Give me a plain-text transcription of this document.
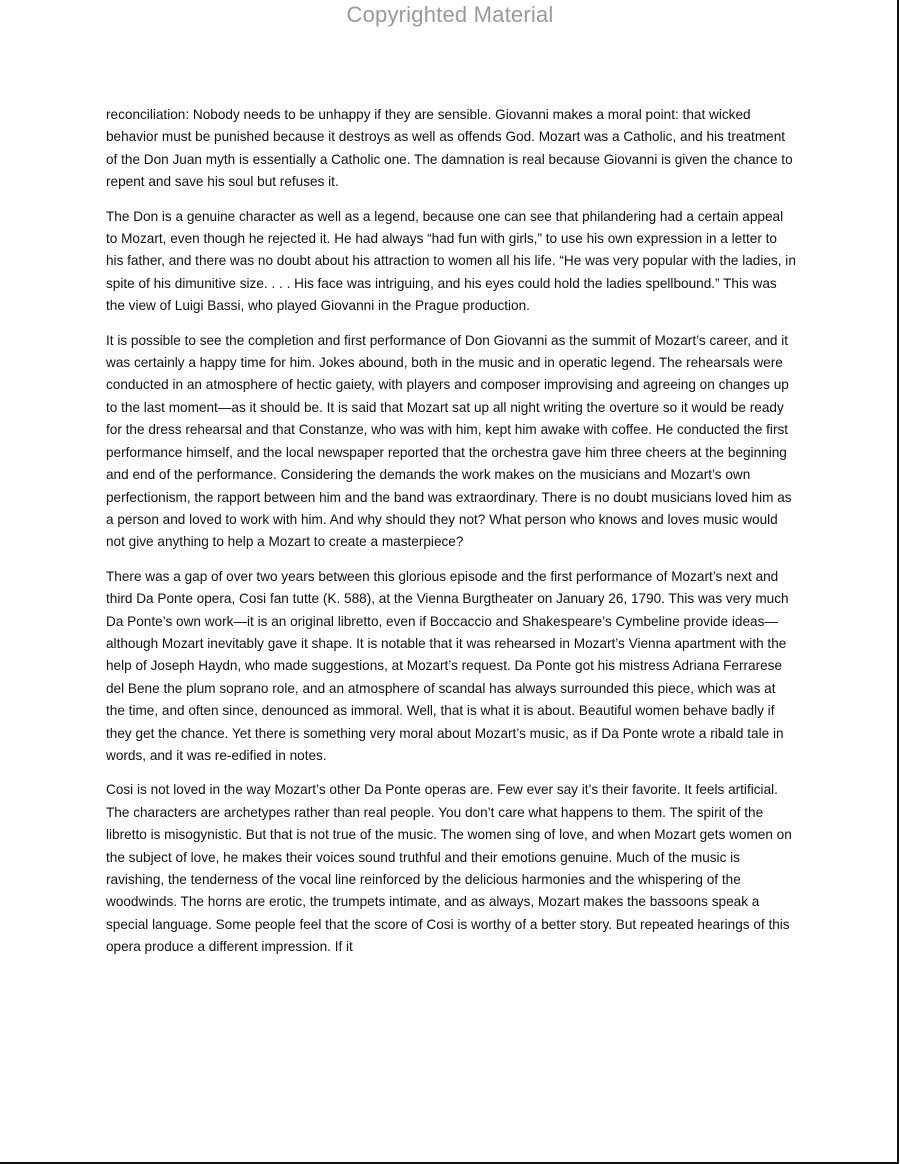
Copyrighted Material

reconciliation: Nobody needs to be unhappy if they are sensible. Giovanni makes a moral point: that wicked behavior must be punished because it destroys as well as offends God. Mozart was a Catholic, and his treatment of the Don Juan myth is essentially a Catholic one. The damnation is real because Giovanni is given the chance to repent and save his soul but refuses it.

The Don is a genuine character as well as a legend, because one can see that philandering had a certain appeal to Mozart, even though he rejected it. He had always “had fun with girls,” to use his own expression in a letter to his father, and there was no doubt about his attraction to women all his life. “He was very popular with the ladies, in spite of his dimunitive size. . . . His face was intriguing, and his eyes could hold the ladies spellbound.” This was the view of Luigi Bassi, who played Giovanni in the Prague production.

It is possible to see the completion and first performance of Don Giovanni as the summit of Mozart’s career, and it was certainly a happy time for him. Jokes abound, both in the music and in operatic legend. The rehearsals were conducted in an atmosphere of hectic gaiety, with players and composer improvising and agreeing on changes up to the last moment—as it should be. It is said that Mozart sat up all night writing the overture so it would be ready for the dress rehearsal and that Constanze, who was with him, kept him awake with coffee. He conducted the first performance himself, and the local newspaper reported that the orchestra gave him three cheers at the beginning and end of the performance. Considering the demands the work makes on the musicians and Mozart’s own perfectionism, the rapport between him and the band was extraordinary. There is no doubt musicians loved him as a person and loved to work with him. And why should they not? What person who knows and loves music would not give anything to help a Mozart to create a masterpiece?

There was a gap of over two years between this glorious episode and the first performance of Mozart’s next and third Da Ponte opera, Cosi fan tutte (K. 588), at the Vienna Burgtheater on January 26, 1790. This was very much Da Ponte’s own work—it is an original libretto, even if Boccaccio and Shakespeare’s Cymbeline provide ideas—although Mozart inevitably gave it shape. It is notable that it was rehearsed in Mozart’s Vienna apartment with the help of Joseph Haydn, who made suggestions, at Mozart’s request. Da Ponte got his mistress Adriana Ferrarese del Bene the plum soprano role, and an atmosphere of scandal has always surrounded this piece, which was at the time, and often since, denounced as immoral. Well, that is what it is about. Beautiful women behave badly if they get the chance. Yet there is something very moral about Mozart’s music, as if Da Ponte wrote a ribald tale in words, and it was re-edified in notes.

Cosi is not loved in the way Mozart’s other Da Ponte operas are. Few ever say it’s their favorite. It feels artificial. The characters are archetypes rather than real people. You don’t care what happens to them. The spirit of the libretto is misogynistic. But that is not true of the music. The women sing of love, and when Mozart gets women on the subject of love, he makes their voices sound truthful and their emotions genuine. Much of the music is ravishing, the tenderness of the vocal line reinforced by the delicious harmonies and the whispering of the woodwinds. The horns are erotic, the trumpets intimate, and as always, Mozart makes the bassoons speak a special language. Some people feel that the score of Cosi is worthy of a better story. But repeated hearings of this opera produce a different impression. If it
